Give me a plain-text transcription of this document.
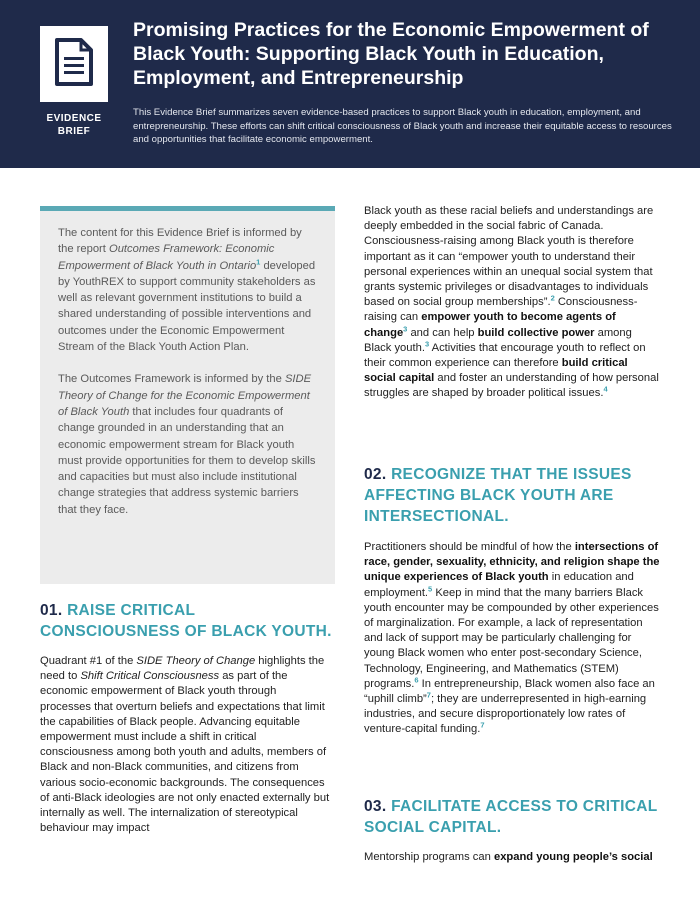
EVIDENCE
BRIEF
Promising Practices for the Economic Empowerment of Black Youth: Supporting Black Youth in Education, Employment, and Entrepreneurship
This Evidence Brief summarizes seven evidence-based practices to support Black youth in education, employment, and entrepreneurship. These efforts can shift critical consciousness of Black youth and increase their equitable access to resources and opportunities that facilitate economic empowerment.

The content for this Evidence Brief is informed by the report Outcomes Framework: Economic Empowerment of Black Youth in Ontario$^1$ developed by YouthREX to support community stakeholders as well as relevant government institutions to build a shared understanding of possible interventions and outcomes under the Economic Empowerment Stream of the Black Youth Action Plan.

The Outcomes Framework is informed by the SIDE Theory of Change for the Economic Empowerment of Black Youth that includes four quadrants of change grounded in an understanding that an economic empowerment stream for Black youth must provide opportunities for them to develop skills and capacities but must also include institutional change strategies that address systemic barriers that they face.

01. RAISE CRITICAL
CONSCIOUSNESS OF BLACK YOUTH.
Quadrant #1 of the SIDE Theory of Change highlights the need to Shift Critical Consciousness as part of the economic empowerment of Black youth through processes that overturn beliefs and expectations that limit the capabilities of Black people. Advancing equitable empowerment must include a shift in critical consciousness among both youth and adults, members of Black and non-Black communities, and citizens from various socio-economic backgrounds. The consequences of anti-Black ideologies are not only enacted externally but internally as well. The internalization of stereotypical behaviour may impact
Black youth as these racial beliefs and understandings are deeply embedded in the social fabric of Canada. Consciousness-raising among Black youth is therefore important as it can “empower youth to understand their personal experiences within an unequal social system that grants systemic privileges or disadvantages to individuals based on social group memberships”.$^2$ Consciousness-raising can empower youth to become agents of change$^3$ and can help build collective power among Black youth.$^3$ Activities that encourage youth to reflect on their common experience can therefore build critical social capital and foster an understanding of how personal struggles are shaped by broader political issues.$^4$
02. RECOGNIZE THAT THE ISSUES
AFFECTING BLACK YOUTH ARE
INTERSECTIONAL.
Practitioners should be mindful of how the intersections of race, gender, sexuality, ethnicity, and religion shape the unique experiences of Black youth in education and employment.$^5$ Keep in mind that the many barriers Black youth encounter may be compounded by other experiences of marginalization. For example, a lack of representation and lack of support may be particularly challenging for young Black women who enter post-secondary Science, Technology, Engineering, and Mathematics (STEM) programs.$^6$ In entrepreneurship, Black women also face an “uphill climb”$^7$; they are underrepresented in high-earning industries, and secure disproportionately low rates of venture-capital funding.$^7$
03. FACILITATE ACCESS TO CRITICAL
SOCIAL CAPITAL.
Mentorship programs can expand young people’s social
